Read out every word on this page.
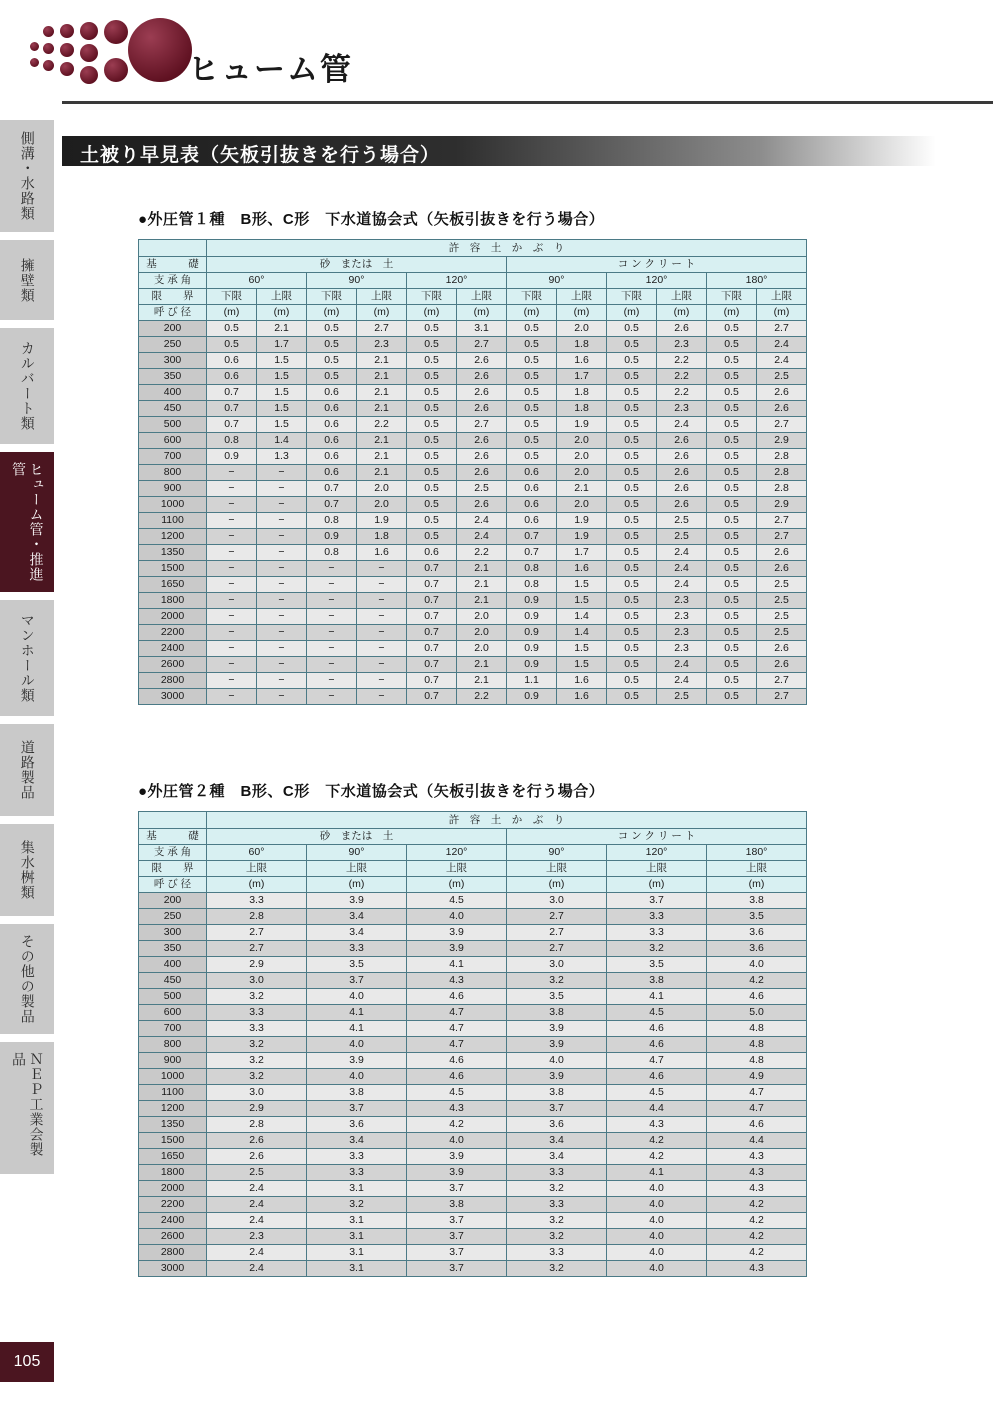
ヒューム管
土被り早見表（矢板引抜きを行う場合）
側溝・水路類
擁壁類
カルバート類
ヒューム管・推進管
マンホール類
道路製品
集水桝類
その他の製品
ＮＥＰ工業会製品
105
●外圧管１種　B形、C形　下水道協会式（矢板引抜きを行う場合）
	許　容　土　か　ぶ　り											
基　　　礎	砂　または　土						コ ン ク リ ー ト					
支 承 角	60°		90°		120°		90°		120°		180°	
限　　界	下限	上限	下限	上限	下限	上限	下限	上限	下限	上限	下限	上限
呼 び 径	(m)	(m)	(m)	(m)	(m)	(m)	(m)	(m)	(m)	(m)	(m)	(m)
200	0.5	2.1	0.5	2.7	0.5	3.1	0.5	2.0	0.5	2.6	0.5	2.7
250	0.5	1.7	0.5	2.3	0.5	2.7	0.5	1.8	0.5	2.3	0.5	2.4
300	0.6	1.5	0.5	2.1	0.5	2.6	0.5	1.6	0.5	2.2	0.5	2.4
350	0.6	1.5	0.5	2.1	0.5	2.6	0.5	1.7	0.5	2.2	0.5	2.5
400	0.7	1.5	0.6	2.1	0.5	2.6	0.5	1.8	0.5	2.2	0.5	2.6
450	0.7	1.5	0.6	2.1	0.5	2.6	0.5	1.8	0.5	2.3	0.5	2.6
500	0.7	1.5	0.6	2.2	0.5	2.7	0.5	1.9	0.5	2.4	0.5	2.7
600	0.8	1.4	0.6	2.1	0.5	2.6	0.5	2.0	0.5	2.6	0.5	2.9
700	0.9	1.3	0.6	2.1	0.5	2.6	0.5	2.0	0.5	2.6	0.5	2.8
800	−	−	0.6	2.1	0.5	2.6	0.6	2.0	0.5	2.6	0.5	2.8
900	−	−	0.7	2.0	0.5	2.5	0.6	2.1	0.5	2.6	0.5	2.8
1000	−	−	0.7	2.0	0.5	2.6	0.6	2.0	0.5	2.6	0.5	2.9
1100	−	−	0.8	1.9	0.5	2.4	0.6	1.9	0.5	2.5	0.5	2.7
1200	−	−	0.9	1.8	0.5	2.4	0.7	1.9	0.5	2.5	0.5	2.7
1350	−	−	0.8	1.6	0.6	2.2	0.7	1.7	0.5	2.4	0.5	2.6
1500	−	−	−	−	0.7	2.1	0.8	1.6	0.5	2.4	0.5	2.6
1650	−	−	−	−	0.7	2.1	0.8	1.5	0.5	2.4	0.5	2.5
1800	−	−	−	−	0.7	2.1	0.9	1.5	0.5	2.3	0.5	2.5
2000	−	−	−	−	0.7	2.0	0.9	1.4	0.5	2.3	0.5	2.5
2200	−	−	−	−	0.7	2.0	0.9	1.4	0.5	2.3	0.5	2.5
2400	−	−	−	−	0.7	2.0	0.9	1.5	0.5	2.3	0.5	2.6
2600	−	−	−	−	0.7	2.1	0.9	1.5	0.5	2.4	0.5	2.6
2800	−	−	−	−	0.7	2.1	1.1	1.6	0.5	2.4	0.5	2.7
3000	−	−	−	−	0.7	2.2	0.9	1.6	0.5	2.5	0.5	2.7
●外圧管２種　B形、C形　下水道協会式（矢板引抜きを行う場合）
	許　容　土　か　ぶ　り					
基　　　礎	砂　または　土			コ ン ク リ ー ト		
支 承 角	60°	90°	120°	90°	120°	180°
限　　界	上限	上限	上限	上限	上限	上限
呼 び 径	(m)	(m)	(m)	(m)	(m)	(m)
200	3.3	3.9	4.5	3.0	3.7	3.8
250	2.8	3.4	4.0	2.7	3.3	3.5
300	2.7	3.4	3.9	2.7	3.3	3.6
350	2.7	3.3	3.9	2.7	3.2	3.6
400	2.9	3.5	4.1	3.0	3.5	4.0
450	3.0	3.7	4.3	3.2	3.8	4.2
500	3.2	4.0	4.6	3.5	4.1	4.6
600	3.3	4.1	4.7	3.8	4.5	5.0
700	3.3	4.1	4.7	3.9	4.6	4.8
800	3.2	4.0	4.7	3.9	4.6	4.8
900	3.2	3.9	4.6	4.0	4.7	4.8
1000	3.2	4.0	4.6	3.9	4.6	4.9
1100	3.0	3.8	4.5	3.8	4.5	4.7
1200	2.9	3.7	4.3	3.7	4.4	4.7
1350	2.8	3.6	4.2	3.6	4.3	4.6
1500	2.6	3.4	4.0	3.4	4.2	4.4
1650	2.6	3.3	3.9	3.4	4.2	4.3
1800	2.5	3.3	3.9	3.3	4.1	4.3
2000	2.4	3.1	3.7	3.2	4.0	4.3
2200	2.4	3.2	3.8	3.3	4.0	4.2
2400	2.4	3.1	3.7	3.2	4.0	4.2
2600	2.3	3.1	3.7	3.2	4.0	4.2
2800	2.4	3.1	3.7	3.3	4.0	4.2
3000	2.4	3.1	3.7	3.2	4.0	4.3
